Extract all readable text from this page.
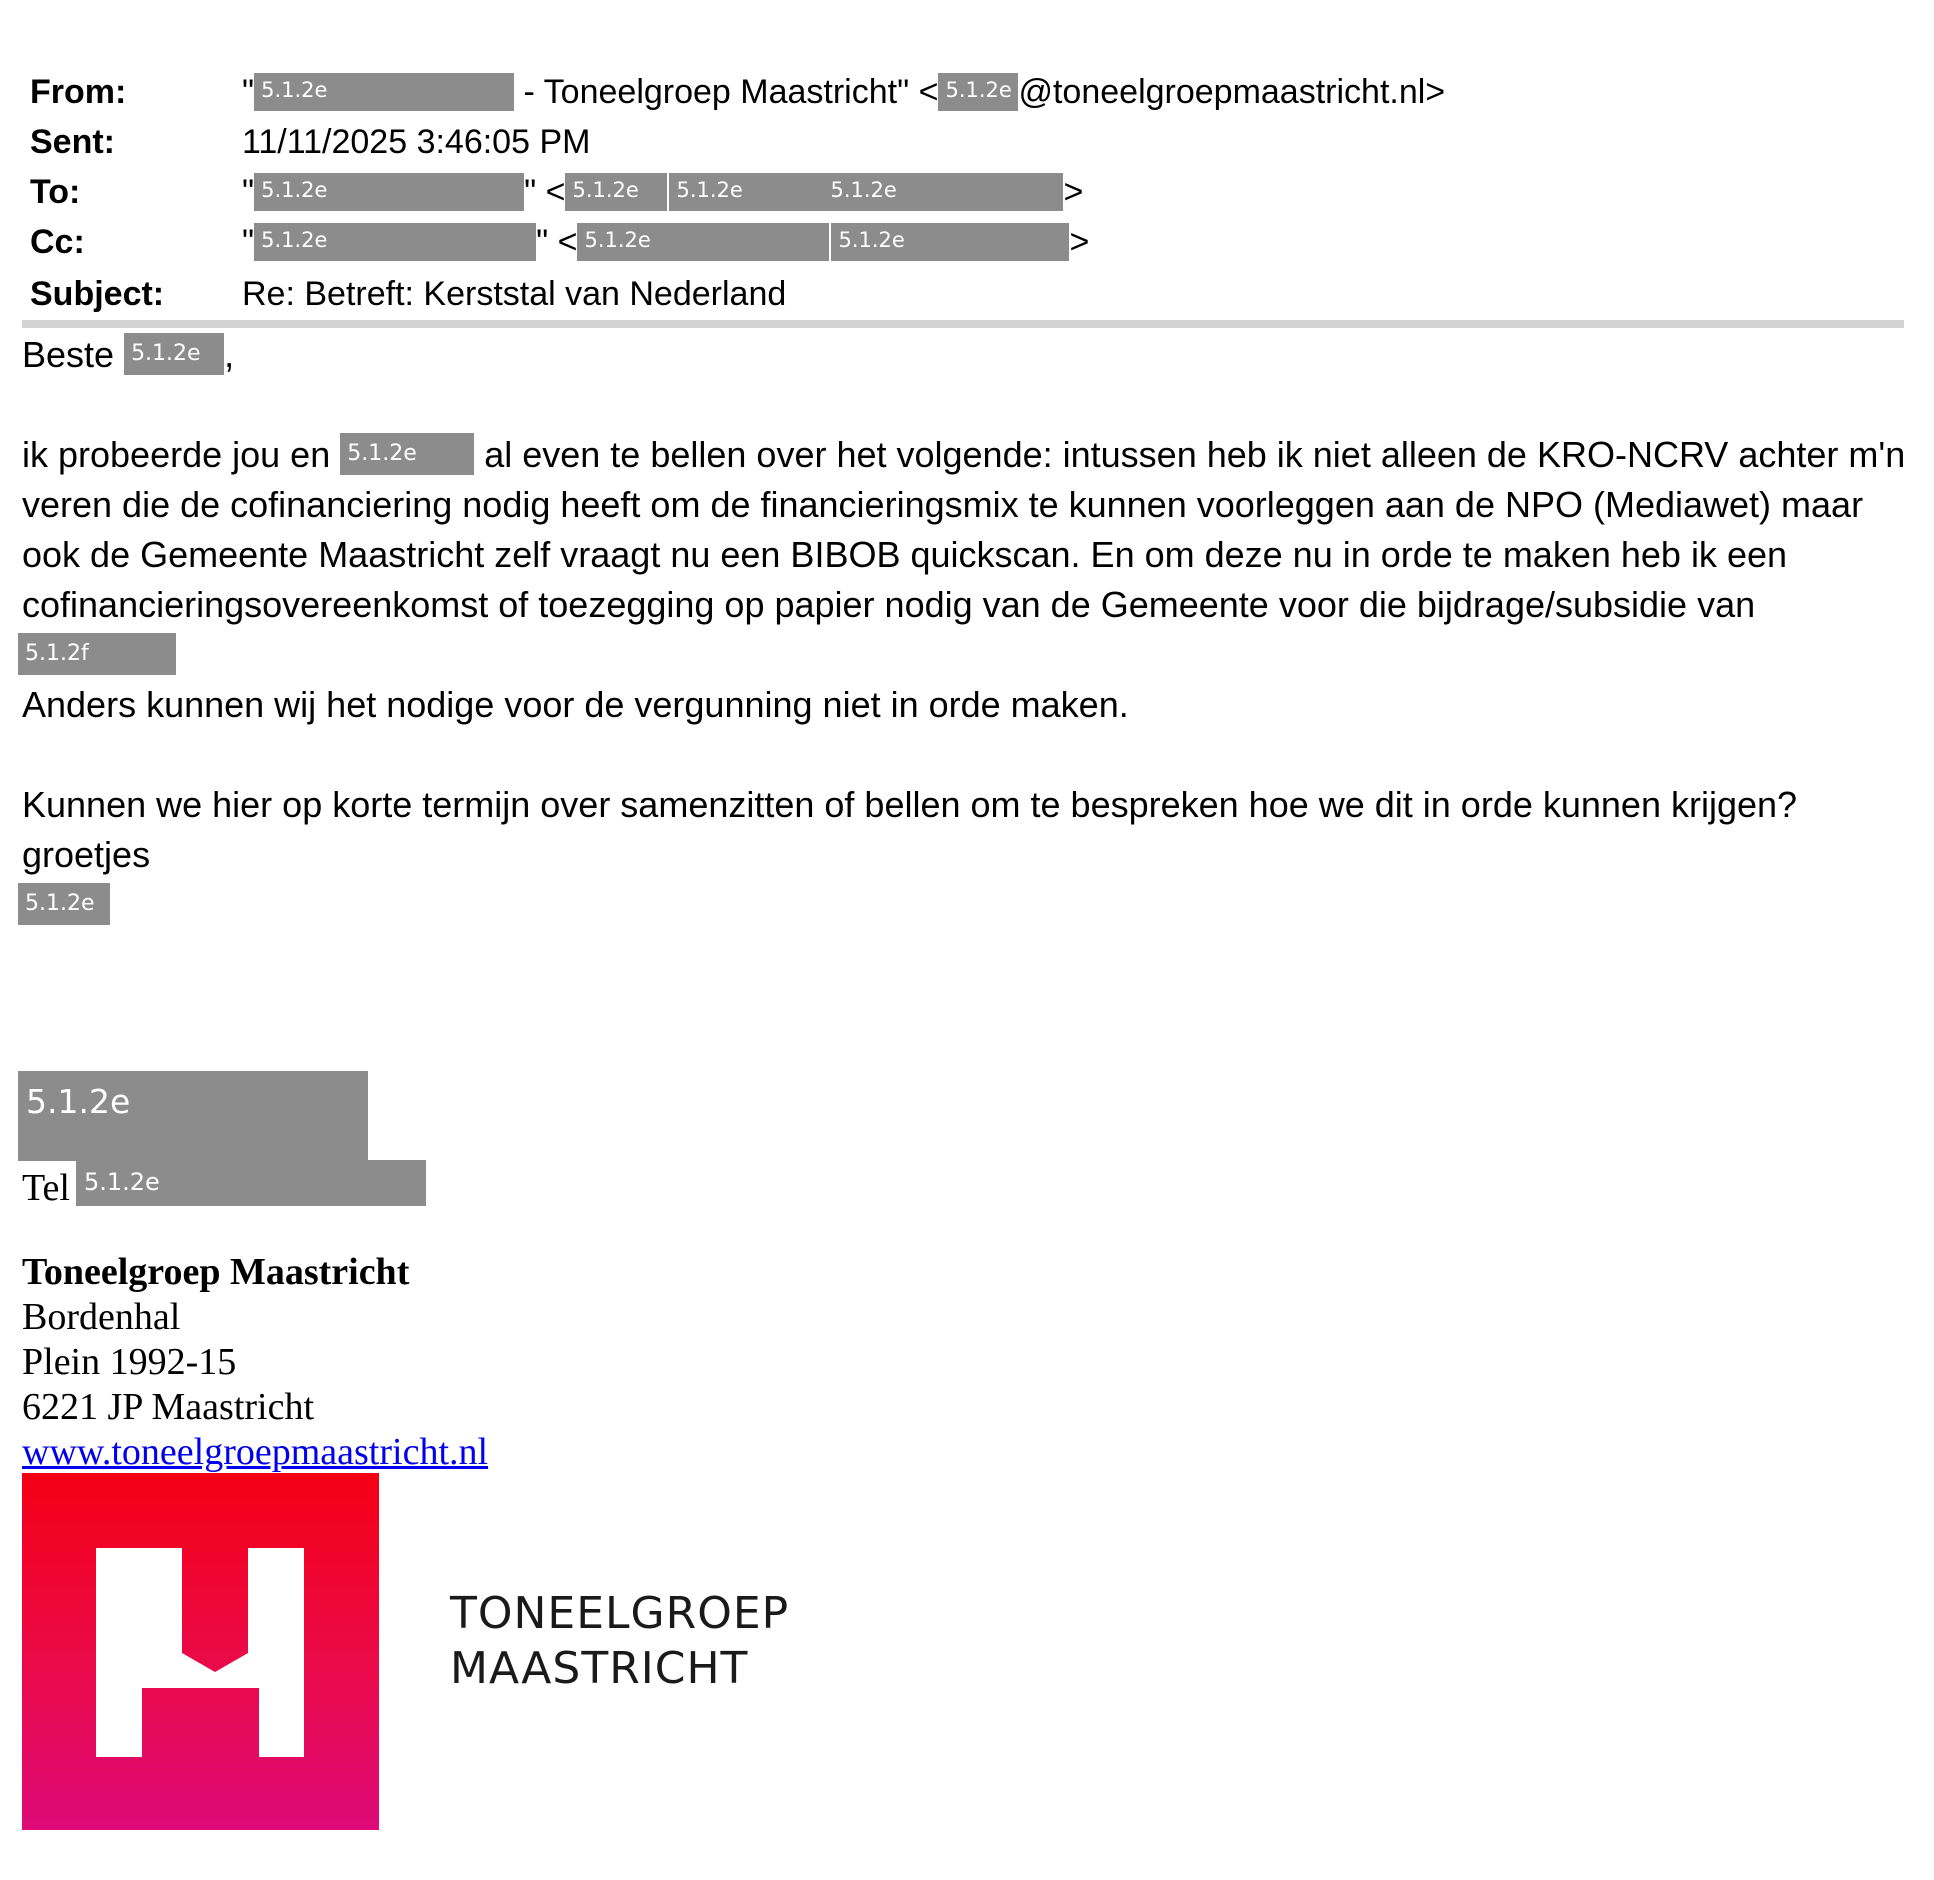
From:	" 5.1.2e	- Toneelgroep Maastricht" < 5.1.2e @toneelgroepmaastricht.nl>
Sent:	11/11/2025 3:46:05 PM
To:	" 5.1.2e	" < 5.1.2e 5.1.2e	5.1.2e	>
Cc:	" 5.1.2e	" < 5.1.2e	5.1.2e	>
Subject: Re: Betreft: Kerststal van Nederland

Beste 5.1.2e ,

ik probeerde jou en 5.1.2e al even te bellen over het volgende: intussen heb ik niet alleen de KRO-NCRV achter m'n veren die de cofinanciering nodig heeft om de financieringsmix te kunnen voorleggen aan de NPO (Mediawet) maar ook de Gemeente Maastricht zelf vraagt nu een BIBOB quickscan. En om deze nu in orde te maken heb ik een cofinancieringsovereenkomst of toezegging op papier nodig van de Gemeente voor die bijdrage/subsidie van

5.1.2f

Anders kunnen wij het nodige voor de vergunning niet in orde maken.

Kunnen we hier op korte termijn over samenzitten of bellen om te bespreken hoe we dit in orde kunnen krijgen?

groetjes

5.1.2e

5.1.2e
Tel 5.1.2e
Toneelgroep Maastricht
Bordenhal
Plein 1992-15
6221 JP Maastricht
www.toneelgroepmaastricht.nl
TONEELGROEP
MAASTRICHT
